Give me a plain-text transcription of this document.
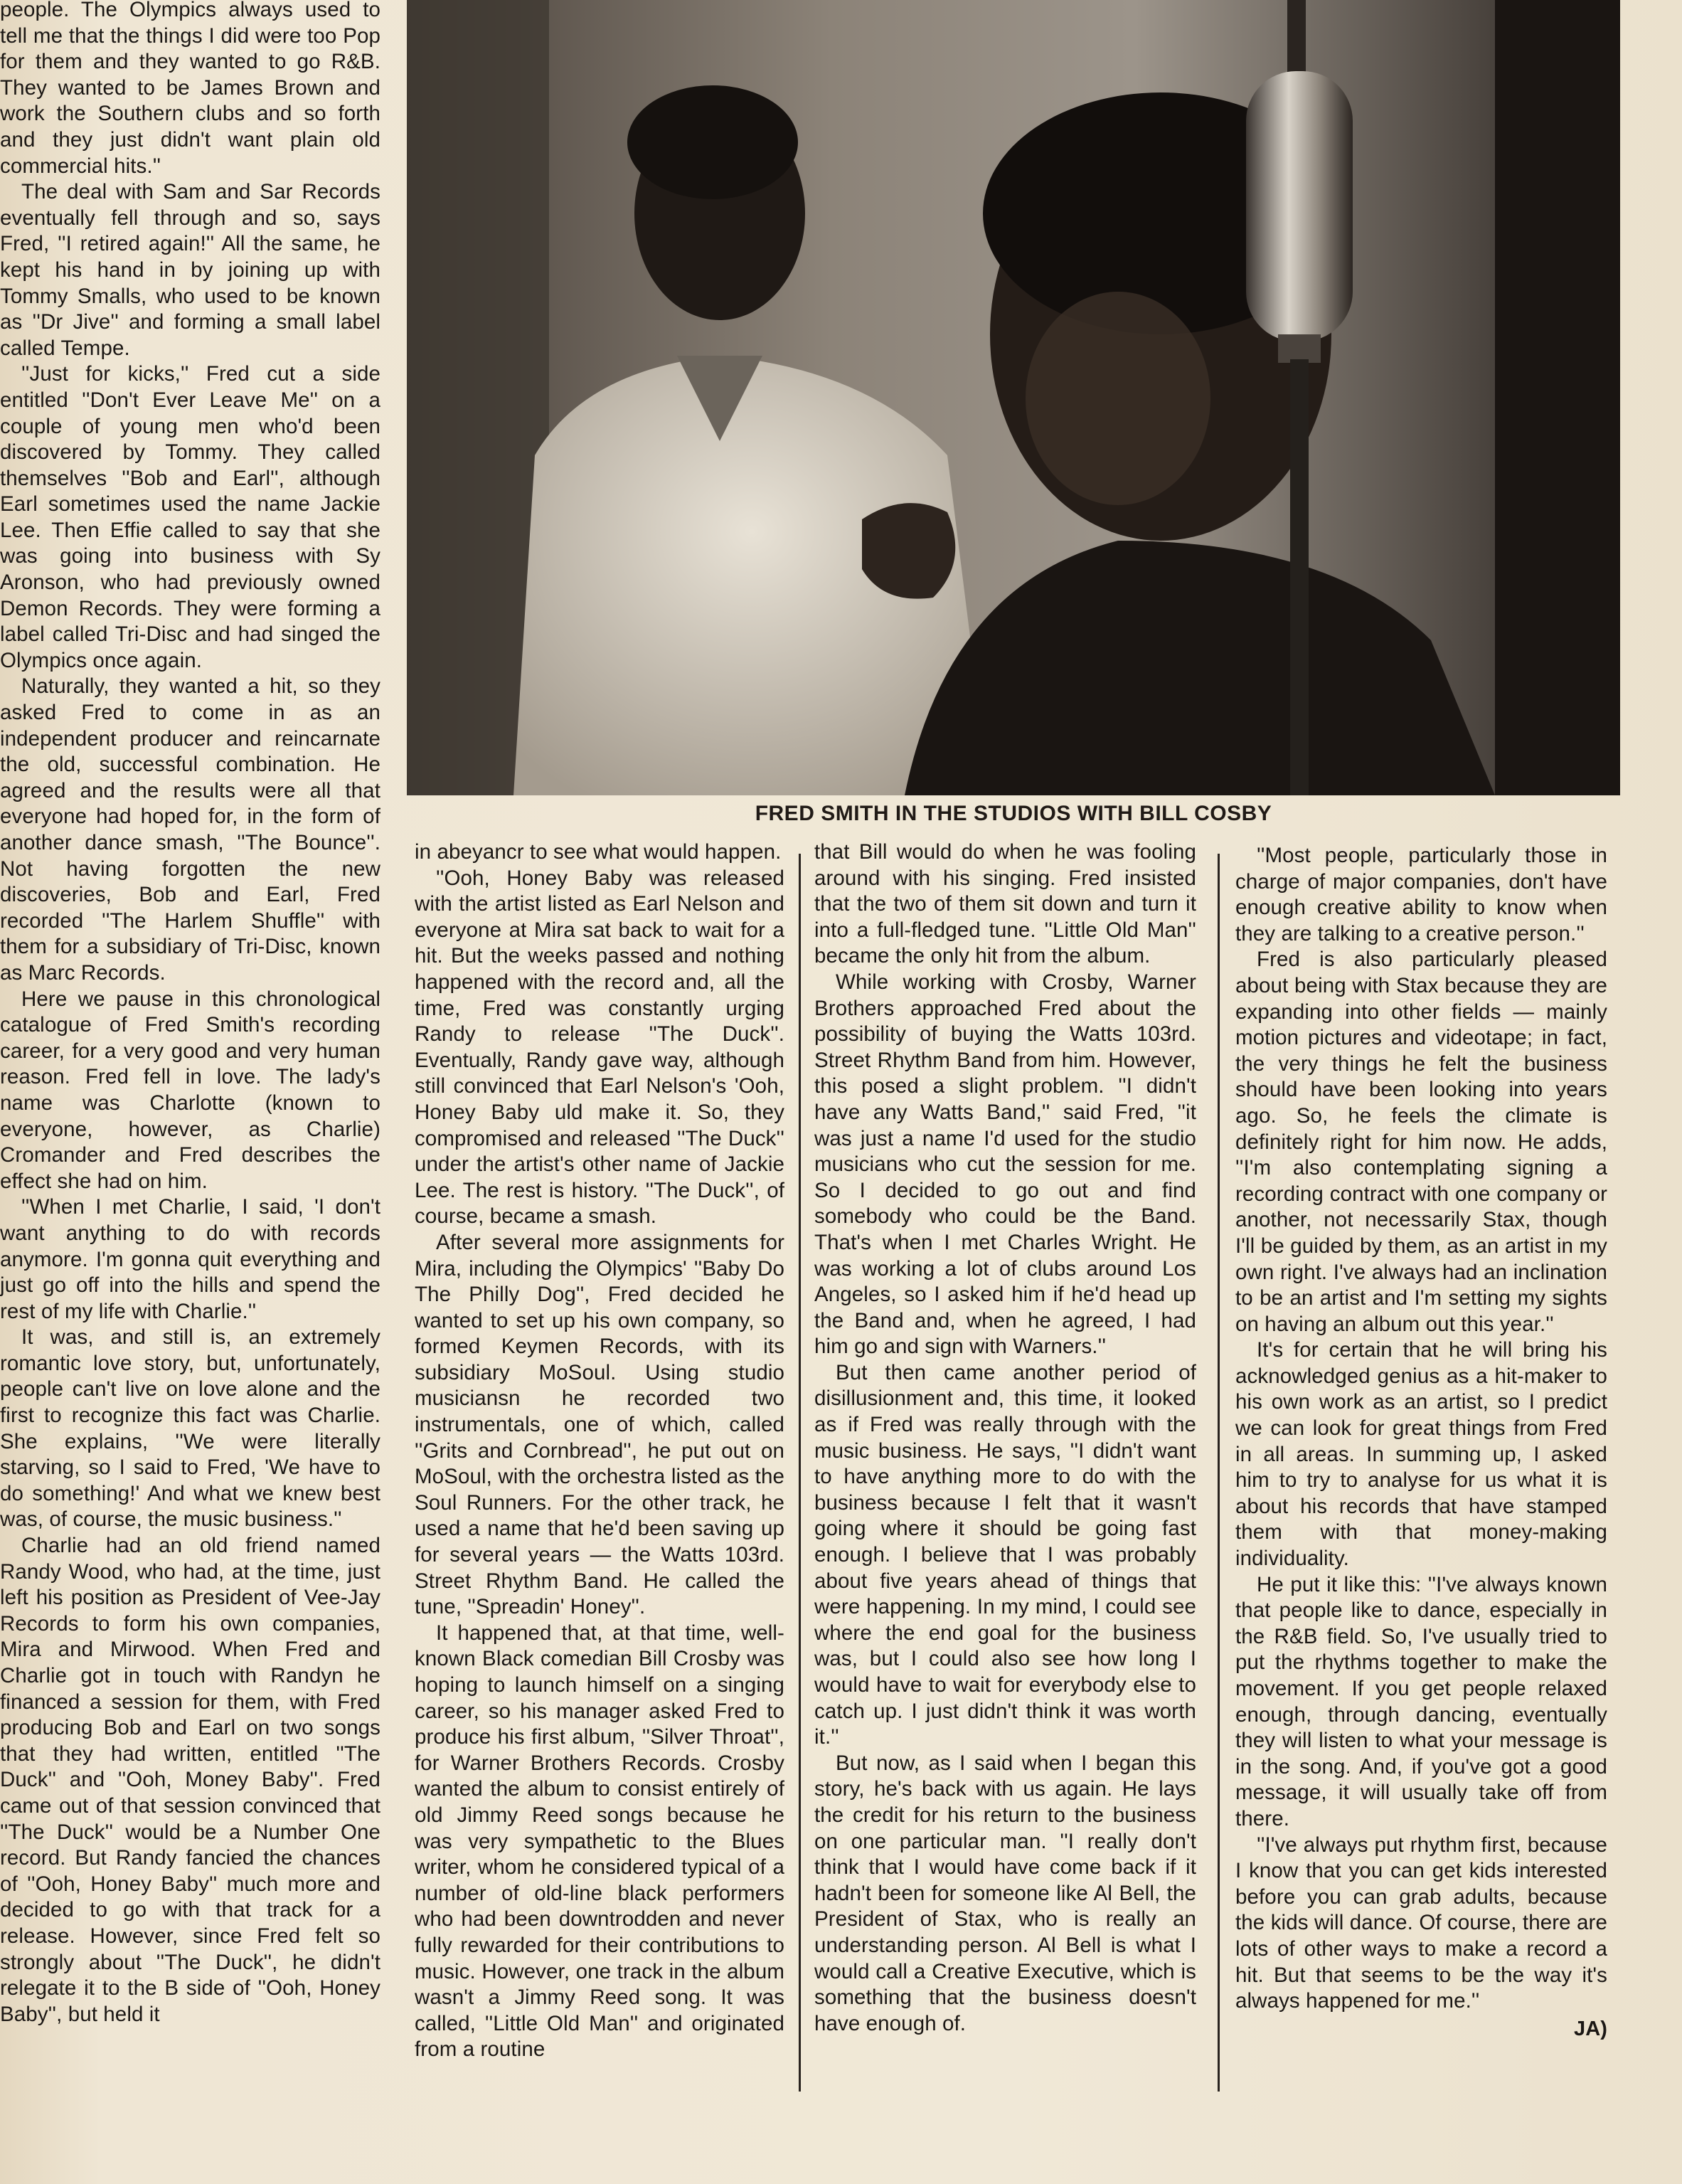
people. The Olympics always used to tell me that the things I did were too Pop for them and they wanted to go R&B. They wanted to be James Brown and work the Southern clubs and so forth and they just didn't want plain old commercial hits.''

The deal with Sam and Sar Records eventually fell through and so, says Fred, ''I retired again!'' All the same, he kept his hand in by joining up with Tommy Smalls, who used to be known as ''Dr Jive'' and forming a small label called Tempe.

''Just for kicks,'' Fred cut a side entitled ''Don't Ever Leave Me'' on a couple of young men who'd been discovered by Tommy. They called themselves ''Bob and Earl'', although Earl sometimes used the name Jackie Lee. Then Effie called to say that she was going into business with Sy Aronson, who had previously owned Demon Records. They were forming a label called Tri-Disc and had singed the Olympics once again.

Naturally, they wanted a hit, so they asked Fred to come in as an independent producer and reincarnate the old, successful combination. He agreed and the results were all that everyone had hoped for, in the form of another dance smash, ''The Bounce''. Not having forgotten the new discoveries, Bob and Earl, Fred recorded ''The Harlem Shuffle'' with them for a subsidiary of Tri-Disc, known as Marc Records.

Here we pause in this chronological catalogue of Fred Smith's recording career, for a very good and very human reason. Fred fell in love. The lady's name was Charlotte (known to everyone, however, as Charlie) Cromander and Fred describes the effect she had on him.

''When I met Charlie, I said, 'I don't want anything to do with records anymore. I'm gonna quit everything and just go off into the hills and spend the rest of my life with Charlie.''

It was, and still is, an extremely romantic love story, but, unfortunately, people can't live on love alone and the first to recognize this fact was Charlie. She explains, ''We were literally starving, so I said to Fred, 'We have to do something!' And what we knew best was, of course, the music business.''

Charlie had an old friend named Randy Wood, who had, at the time, just left his position as President of Vee-Jay Records to form his own companies, Mira and Mirwood. When Fred and Charlie got in touch with Randyn he financed a session for them, with Fred producing Bob and Earl on two songs that they had written, entitled ''The Duck'' and ''Ooh, Money Baby''. Fred came out of that session convinced that ''The Duck'' would be a Number One record. But Randy fancied the chances of ''Ooh, Honey Baby'' much more and decided to go with that track for a release. However, since Fred felt so strongly about ''The Duck'', he didn't relegate it to the B side of ''Ooh, Honey Baby'', but held it

FRED SMITH IN THE STUDIOS WITH BILL COSBY

in abeyancr to see what would happen.

''Ooh, Honey Baby was released with the artist listed as Earl Nelson and everyone at Mira sat back to wait for a hit. But the weeks passed and nothing happened with the record and, all the time, Fred was constantly urging Randy to release ''The Duck''. Eventually, Randy gave way, although still convinced that Earl Nelson's 'Ooh, Honey Baby uld make it. So, they compromised and released ''The Duck'' under the artist's other name of Jackie Lee. The rest is history. ''The Duck'', of course, became a smash.

After several more assignments for Mira, including the Olympics' ''Baby Do The Philly Dog'', Fred decided he wanted to set up his own company, so formed Keymen Records, with its subsidiary MoSoul. Using studio musiciansn he recorded two instrumentals, one of which, called ''Grits and Cornbread'', he put out on MoSoul, with the orchestra listed as the Soul Runners. For the other track, he used a name that he'd been saving up for several years — the Watts 103rd. Street Rhythm Band. He called the tune, ''Spreadin' Honey''.

It happened that, at that time, well-known Black comedian Bill Crosby was hoping to launch himself on a singing career, so his manager asked Fred to produce his first album, ''Silver Throat'', for Warner Brothers Records. Crosby wanted the album to consist entirely of old Jimmy Reed songs because he was very sympathetic to the Blues writer, whom he considered typical of a number of old-line black performers who had been downtrodden and never fully rewarded for their contributions to music. However, one track in the album wasn't a Jimmy Reed song. It was called, ''Little Old Man'' and originated from a routine

that Bill would do when he was fooling around with his singing. Fred insisted that the two of them sit down and turn it into a full-fledged tune. ''Little Old Man'' became the only hit from the album.

While working with Crosby, Warner Brothers approached Fred about the possibility of buying the Watts 103rd. Street Rhythm Band from him. However, this posed a slight problem. ''I didn't have any Watts Band,'' said Fred, ''it was just a name I'd used for the studio musicians who cut the session for me. So I decided to go out and find somebody who could be the Band. That's when I met Charles Wright. He was working a lot of clubs around Los Angeles, so I asked him if he'd head up the Band and, when he agreed, I had him go and sign with Warners.''

But then came another period of disillusionment and, this time, it looked as if Fred was really through with the music business. He says, ''I didn't want to have anything more to do with the business because I felt that it wasn't going where it should be going fast enough. I believe that I was probably about five years ahead of things that were happening. In my mind, I could see where the end goal for the business was, but I could also see how long I would have to wait for everybody else to catch up. I just didn't think it was worth it.''

But now, as I said when I began this story, he's back with us again. He lays the credit for his return to the business on one particular man. ''I really don't think that I would have come back if it hadn't been for someone like Al Bell, the President of Stax, who is really an understanding person. Al Bell is what I would call a Creative Executive, which is something that the business doesn't have enough of.

''Most people, particularly those in charge of major companies, don't have enough creative ability to know when they are talking to a creative person.''

Fred is also particularly pleased about being with Stax because they are expanding into other fields — mainly motion pictures and videotape; in fact, the very things he felt the business should have been looking into years ago. So, he feels the climate is definitely right for him now. He adds, ''I'm also contemplating signing a recording contract with one company or another, not necessarily Stax, though I'll be guided by them, as an artist in my own right. I've always had an inclination to be an artist and I'm setting my sights on having an album out this year.''

It's for certain that he will bring his acknowledged genius as a hit-maker to his own work as an artist, so I predict we can look for great things from Fred in all areas. In summing up, I asked him to try to analyse for us what it is about his records that have stamped them with that money-making individuality.

He put it like this: ''I've always known that people like to dance, especially in the R&B field. So, I've usually tried to put the rhythms together to make the movement. If you get people relaxed enough, through dancing, eventually they will listen to what your message is in the song. And, if you've got a good message, it will usually take off from there.

''I've always put rhythm first, because I know that you can get kids interested before you can grab adults, because the kids will dance. Of course, there are lots of other ways to make a record a hit. But that seems to be the way it's always happened for me.''

JA)
